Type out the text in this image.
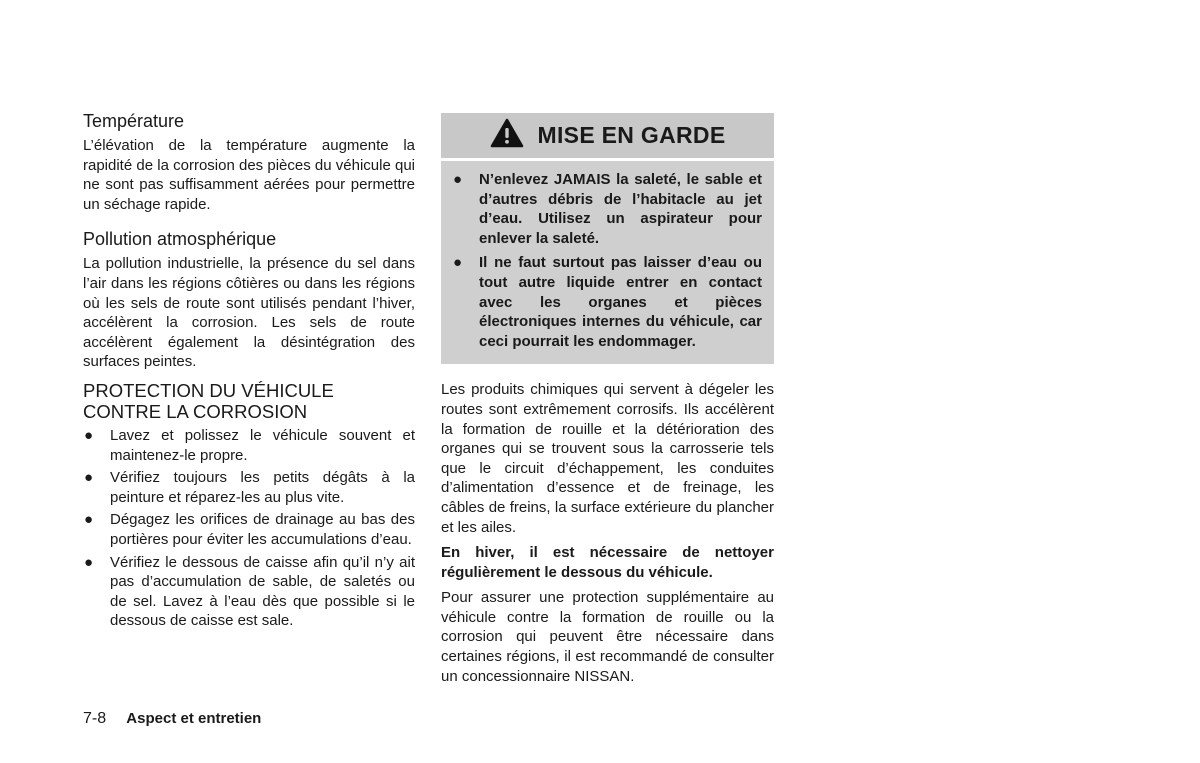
Température

L’élévation de la température augmente la rapidité de la corrosion des pièces du véhicule qui ne sont pas suffisamment aérées pour permettre un séchage rapide.

Pollution atmosphérique

La pollution industrielle, la présence du sel dans l’air dans les régions côtières ou dans les régions où les sels de route sont utilisés pendant l’hiver, accélèrent la corrosion. Les sels de route accélèrent également la désintégration des surfaces peintes.

PROTECTION DU VÉHICULE CONTRE LA CORROSION
● Lavez et polissez le véhicule souvent et maintenez-le propre.
● Vérifiez toujours les petits dégâts à la peinture et réparez-les au plus vite.
● Dégagez les orifices de drainage au bas des portières pour éviter les accumulations d’eau.
● Vérifiez le dessous de caisse afin qu’il n’y ait pas d’accumulation de sable, de saletés ou de sel. Lavez à l’eau dès que possible si le dessous de caisse est sale.
MISE EN GARDE
● N’enlevez JAMAIS la saleté, le sable et d’autres débris de l’habitacle au jet d’eau. Utilisez un aspirateur pour enlever la saleté.
● Il ne faut surtout pas laisser d’eau ou tout autre liquide entrer en contact avec les organes et pièces électroniques internes du véhicule, car ceci pourrait les endommager.

Les produits chimiques qui servent à dégeler les routes sont extrêmement corrosifs. Ils accélèrent la formation de rouille et la détérioration des organes qui se trouvent sous la carrosserie tels que le circuit d’échappement, les conduites d’alimentation d’essence et de freinage, les câbles de freins, la surface extérieure du plancher et les ailes.

En hiver, il est nécessaire de nettoyer régulièrement le dessous du véhicule.

Pour assurer une protection supplémentaire au véhicule contre la formation de rouille ou la corrosion qui peuvent être nécessaire dans certaines régions, il est recommandé de consulter un concessionnaire NISSAN.

7-8 Aspect et entretien
